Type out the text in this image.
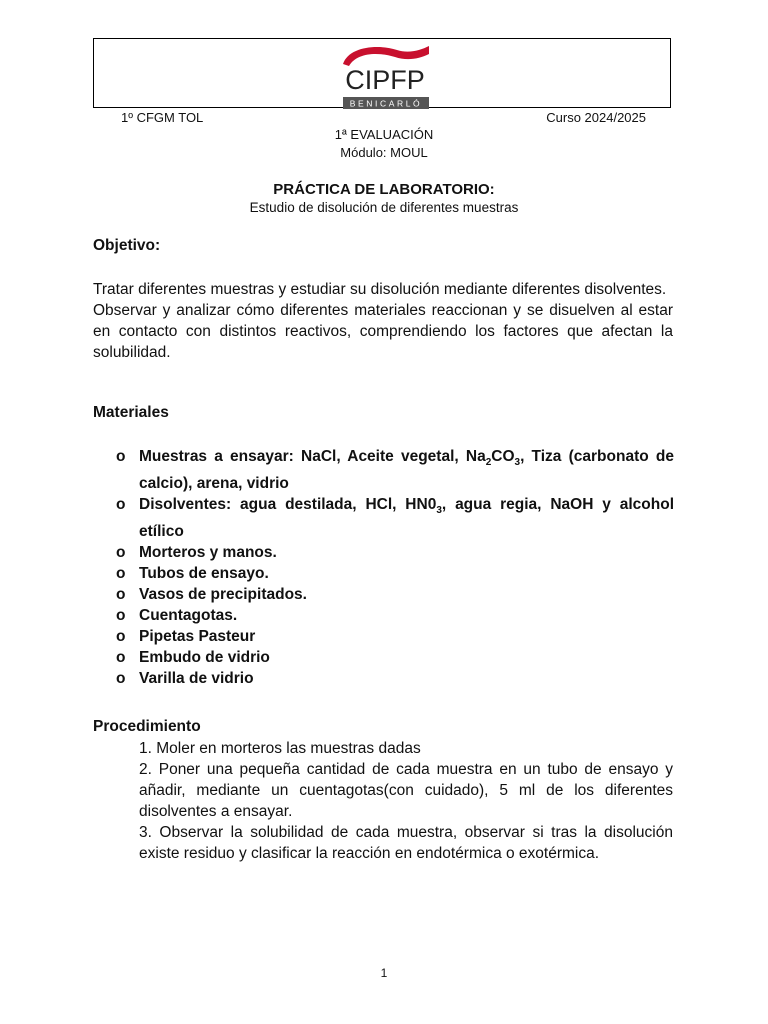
CIPFP
BENICARLÓ
1º CFGM TOL	Curso 2024/2025
1ª EVALUACIÓN
Módulo: MOUL
PRÁCTICA DE LABORATORIO:
Estudio de disolución de diferentes muestras
Objetivo:

Tratar diferentes muestras y estudiar su disolución mediante diferentes disolventes.

Observar y analizar cómo diferentes materiales reaccionan y se disuelven al estar en contacto con distintos reactivos, comprendiendo los factores que afectan la solubilidad.

Materiales
o Muestras a ensayar: NaCl, Aceite vegetal, $Na_2CO_3$, Tiza (carbonato de calcio), arena, vidrio
o Disolventes: agua destilada, HCl, $HN0_3$, agua regia, NaOH y alcohol etílico
o Morteros y manos.
o Tubos de ensayo.
o Vasos de precipitados.
o Cuentagotas.
o Pipetas Pasteur
o Embudo de vidrio
o Varilla de vidrio
Procedimiento

1. Moler en morteros las muestras dadas

2. Poner una pequeña cantidad de cada muestra en un tubo de ensayo y añadir, mediante un cuentagotas(con cuidado), 5 ml de los diferentes disolventes a ensayar.

3. Observar la solubilidad de cada muestra, observar si tras la disolución existe residuo y clasificar la reacción en endotérmica o exotérmica.

1
